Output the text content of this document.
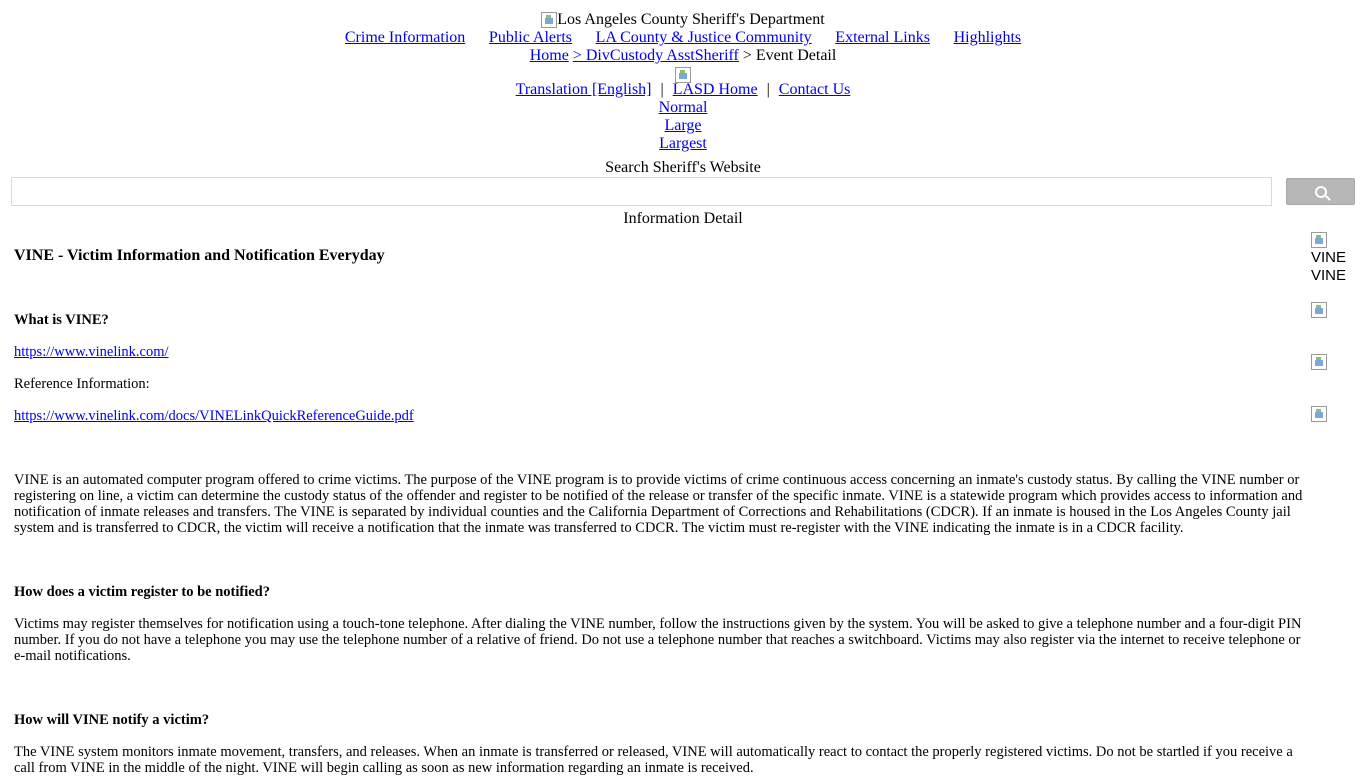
Los Angeles County Sheriff's Department
Crime Information Public Alerts LA County & Justice Community External Links Highlights
Home > DivCustody AsstSheriff > Event Detail
Translation [English] | LASD Home | Contact Us
Normal
Large
Largest
Search Sheriff's Website
Information Detail
VINE - Victim Information and Notification Everyday
What is VINE?
https://www.vinelink.com/
Reference Information:
https://www.vinelink.com/docs/VINELinkQuickReferenceGuide.pdf
VINE is an automated computer program offered to crime victims. The purpose of the VINE program is to provide victims of crime continuous access concerning an inmate's custody status. By calling the VINE number or registering on line, a victim can determine the custody status of the offender and register to be notified of the release or transfer of the specific inmate. VINE is a statewide program which provides access to information and notification of inmate releases and transfers. The VINE is separated by individual counties and the California Department of Corrections and Rehabilitations (CDCR). If an inmate is housed in the Los Angeles County jail system and is transferred to CDCR, the victim will receive a notification that the inmate was transferred to CDCR. The victim must re-register with the VINE indicating the inmate is in a CDCR facility.
How does a victim register to be notified?
Victims may register themselves for notification using a touch-tone telephone. After dialing the VINE number, follow the instructions given by the system. You will be asked to give a telephone number and a four-digit PIN number. If you do not have a telephone you may use the telephone number of a relative of friend. Do not use a telephone number that reaches a switchboard. Victims may also register via the internet to receive telephone or e-mail notifications.
How will VINE notify a victim?
The VINE system monitors inmate movement, transfers, and releases. When an inmate is transferred or released, VINE will automatically react to contact the properly registered victims. Do not be startled if you receive a call from VINE in the middle of the night. VINE will begin calling as soon as new information regarding an inmate is received.

VINE
VINE
